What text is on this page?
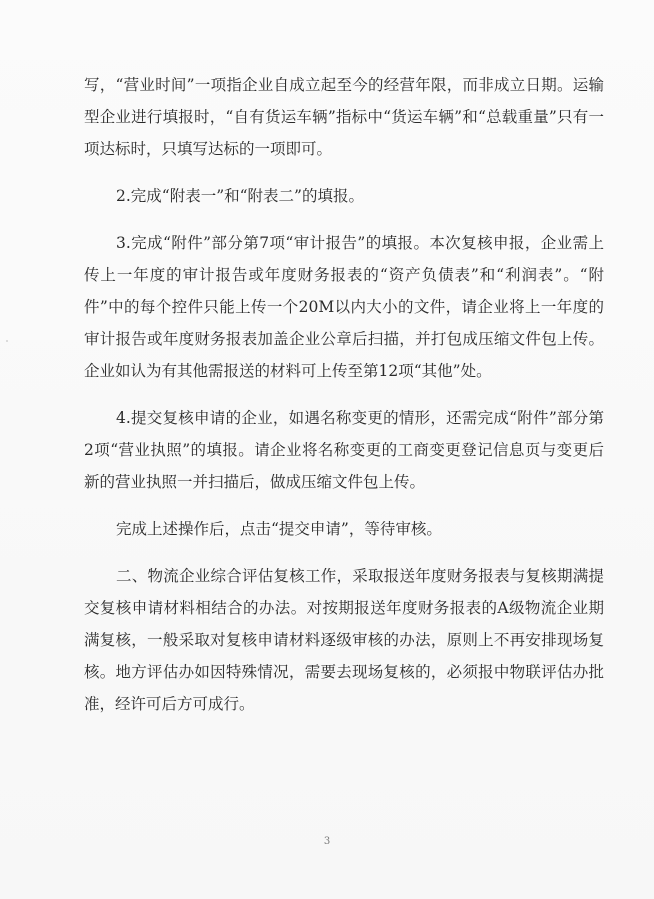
写，“营业时间”一项指企业自成立起至今的经营年限，而非成立日期。运输型企业进行填报时，“自有货运车辆”指标中“货运车辆”和“总载重量”只有一项达标时，只填写达标的一项即可。

2.完成“附表一”和“附表二”的填报。

3.完成“附件”部分第7项“审计报告”的填报。本次复核申报，企业需上传上一年度的审计报告或年度财务报表的“资产负债表”和“利润表”。“附件”中的每个控件只能上传一个20M以内大小的文件，请企业将上一年度的审计报告或年度财务报表加盖企业公章后扫描，并打包成压缩文件包上传。企业如认为有其他需报送的材料可上传至第12项“其他”处。

4.提交复核申请的企业，如遇名称变更的情形，还需完成“附件”部分第2项“营业执照”的填报。请企业将名称变更的工商变更登记信息页与变更后新的营业执照一并扫描后，做成压缩文件包上传。

完成上述操作后，点击“提交申请”，等待审核。

二、物流企业综合评估复核工作，采取报送年度财务报表与复核期满提交复核申请材料相结合的办法。对按期报送年度财务报表的A级物流企业期满复核，一般采取对复核申请材料逐级审核的办法，原则上不再安排现场复核。地方评估办如因特殊情况，需要去现场复核的，必须报中物联评估办批准，经许可后方可成行。

3
